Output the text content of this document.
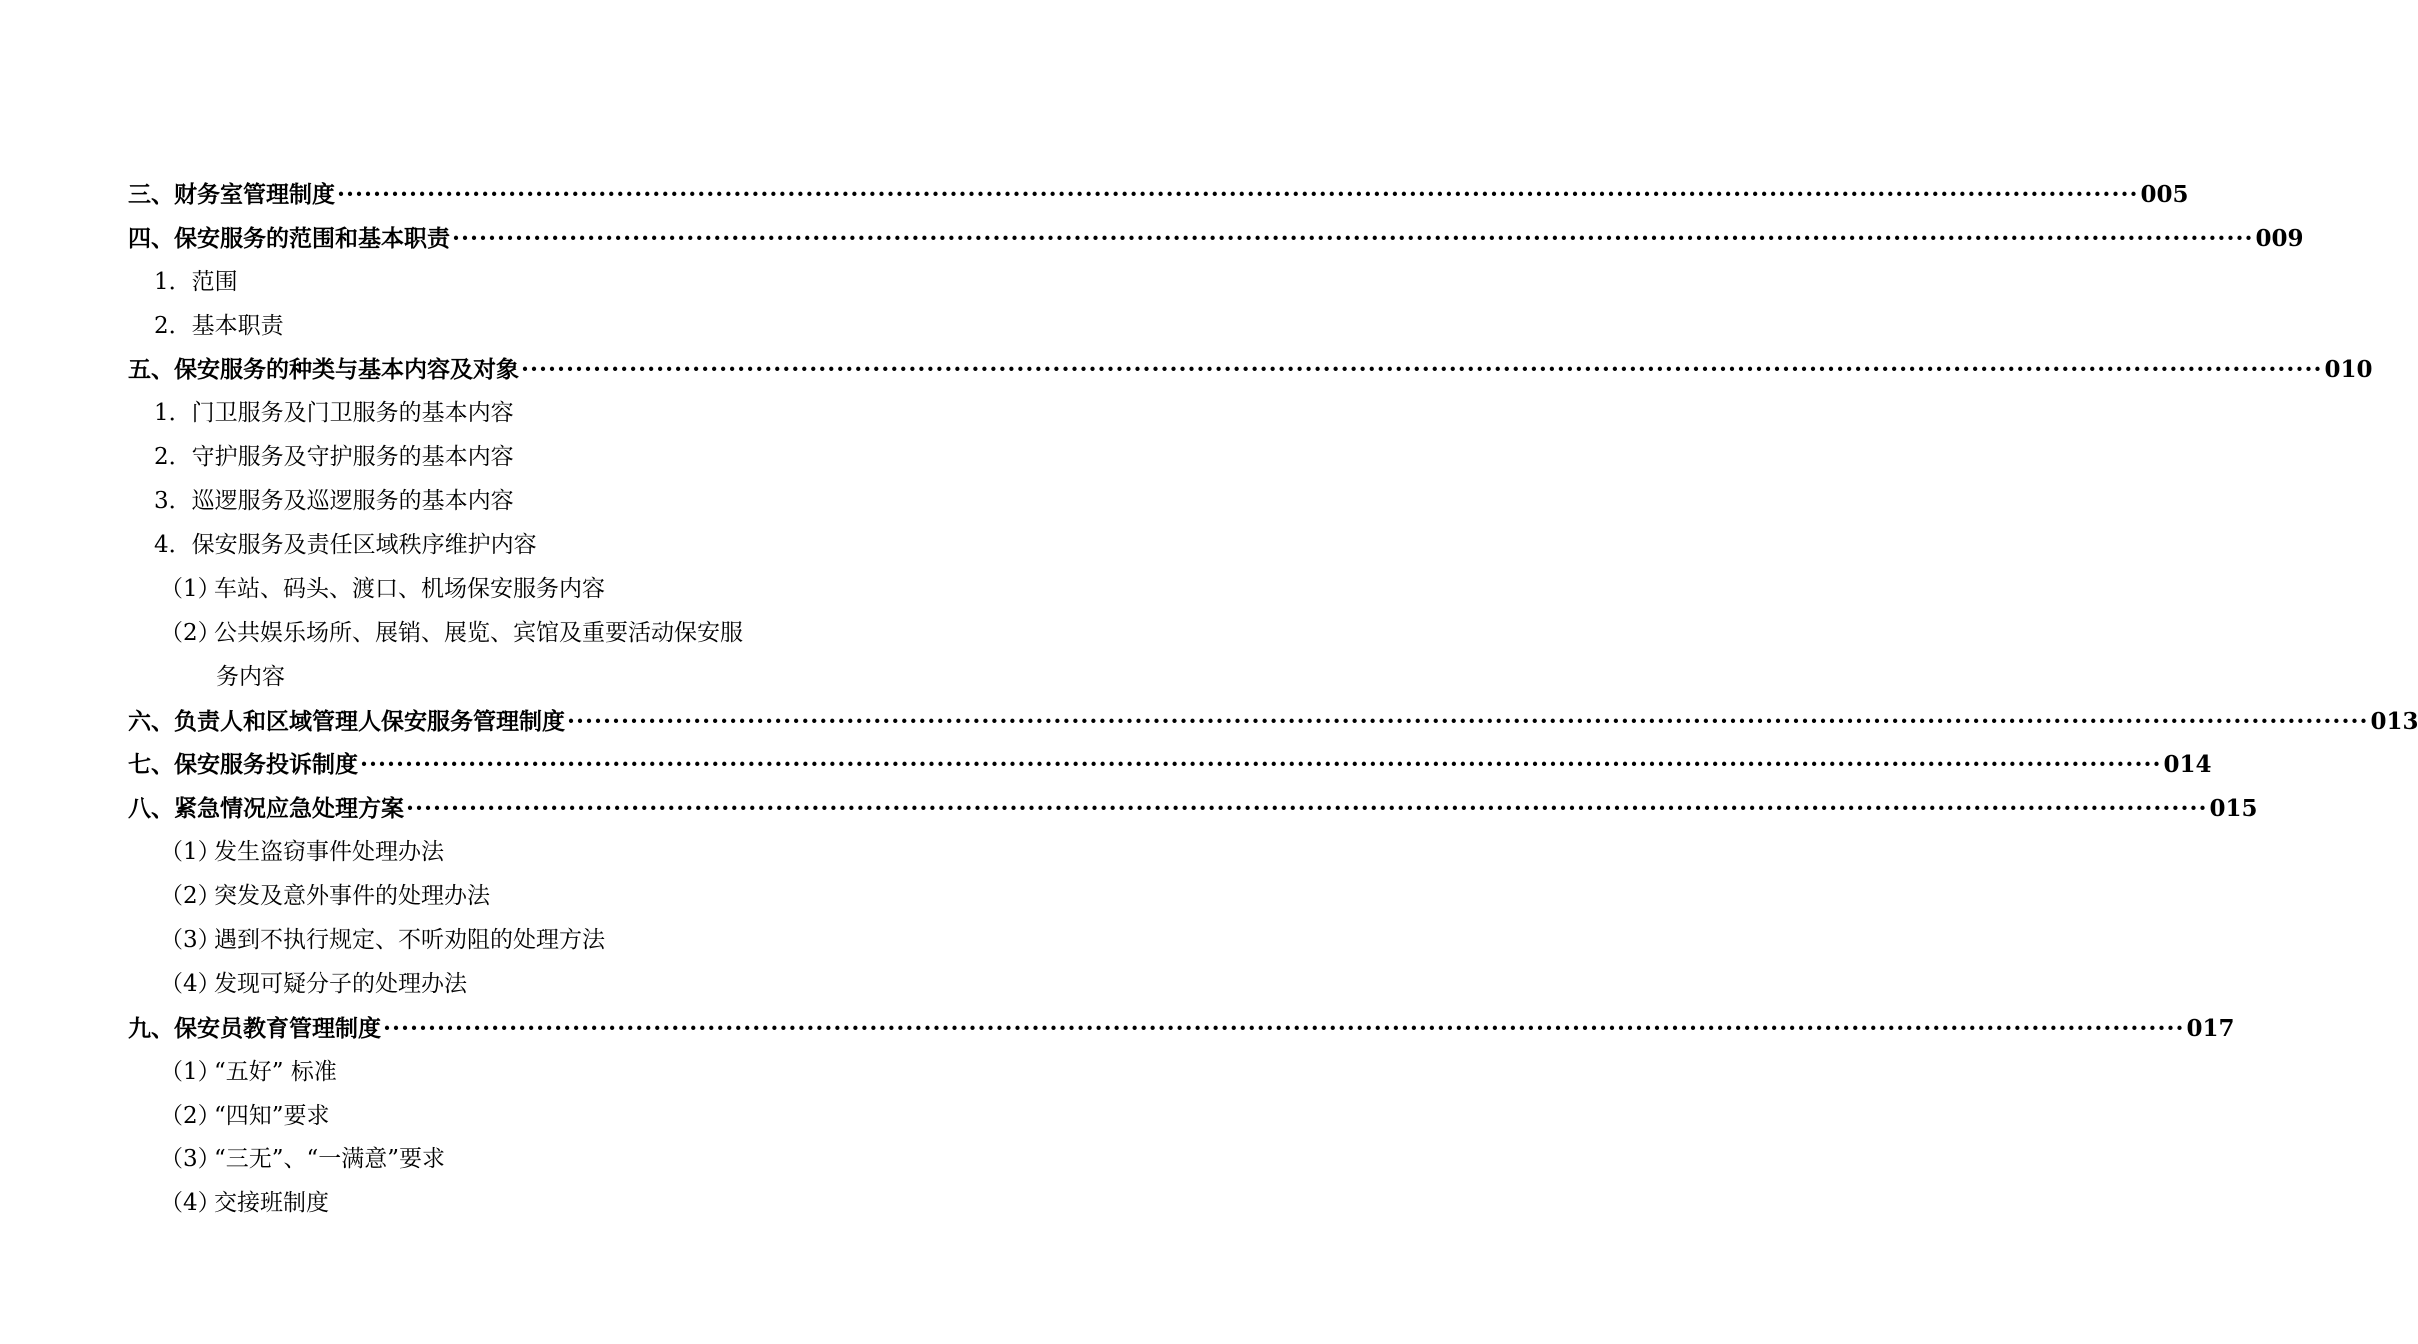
三、财务室管理制度 ········································································································································································································ 005
四、保安服务的范围和基本职责 ········································································································································································································ 009
1．范围
2．基本职责
五、保安服务的种类与基本内容及对象 ········································································································································································································ 010
1．门卫服务及门卫服务的基本内容
2．守护服务及守护服务的基本内容
3．巡逻服务及巡逻服务的基本内容
4．保安服务及责任区域秩序维护内容
（1）
车站、码头、渡口、机场保安服务内容
（2）
公共娱乐场所、展销、展览、宾馆及重要活动保安服
务内容
六、负责人和区域管理人保安服务管理制度 ········································································································································································································ 013
七、保安服务投诉制度 ········································································································································································································ 014
八、紧急情况应急处理方案 ········································································································································································································ 015
（1）
发生盗窃事件处理办法
（2）
突发及意外事件的处理办法
（3）
遇到不执行规定、不听劝阻的处理方法
（4）
发现可疑分子的处理办法
九、保安员教育管理制度 ········································································································································································································ 017
（1）
“五好” 标准
（2）
“四知”要求
（3）
“三无”、“一满意”要求
（4）
交接班制度
